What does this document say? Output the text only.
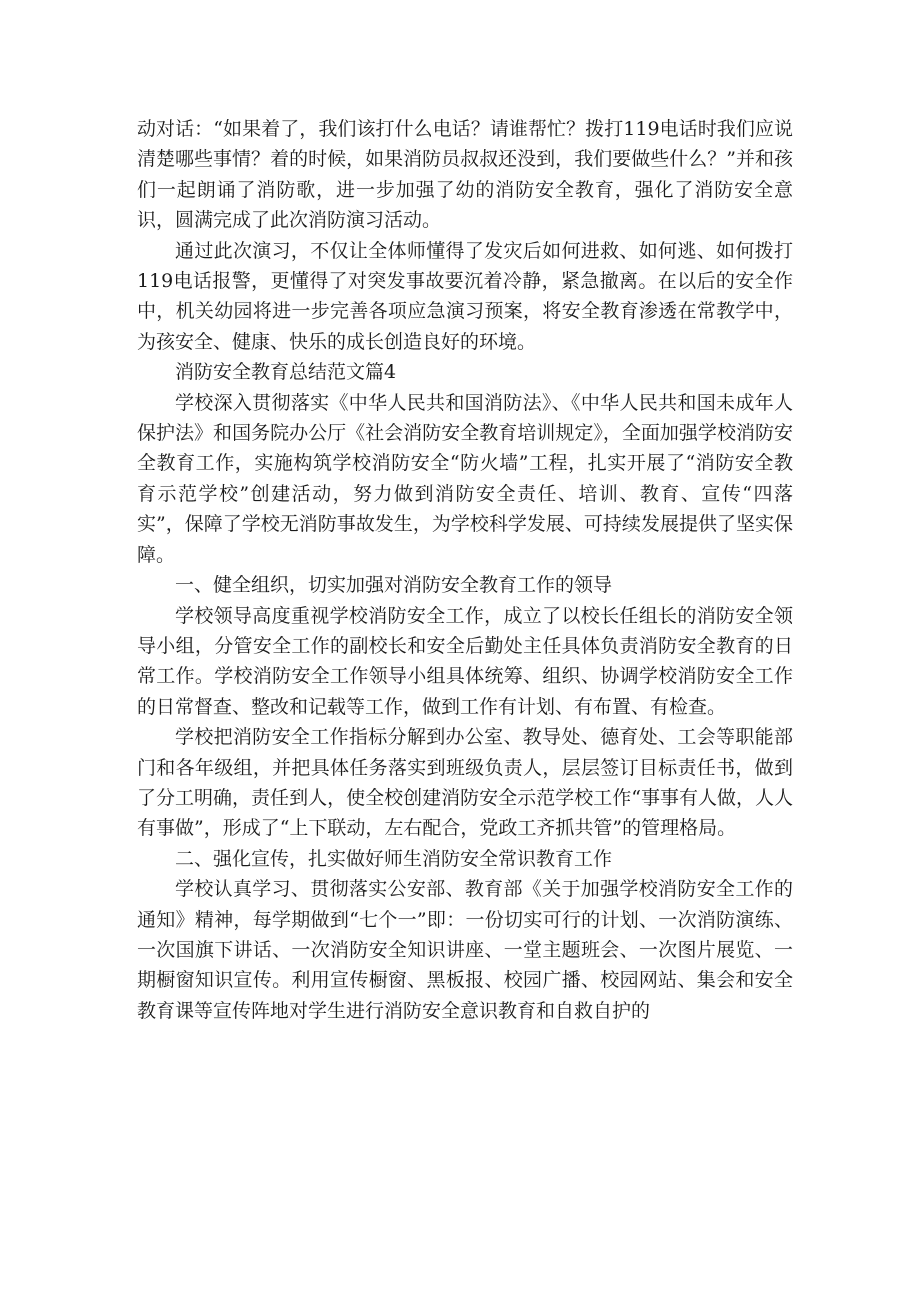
动对话：“如果着了，我们该打什么电话？请谁帮忙？拨打119电话时我们应说清楚哪些事情？着的时候，如果消防员叔叔还没到，我们要做些什么？”并和孩们一起朗诵了消防歌，进一步加强了幼的消防安全教育，强化了消防安全意识，圆满完成了此次消防演习活动。

通过此次演习，不仅让全体师懂得了发灾后如何进救、如何逃、如何拨打119电话报警，更懂得了对突发事故要沉着冷静，紧急撤离。在以后的安全作中，机关幼园将进一步完善各项应急演习预案，将安全教育渗透在常教学中，为孩安全、健康、快乐的成长创造良好的环境。

消防安全教育总结范文篇4

学校深入贯彻落实《中华人民共和国消防法》、《中华人民共和国未成年人保护法》和国务院办公厅《社会消防安全教育培训规定》，全面加强学校消防安全教育工作，实施构筑学校消防安全“防火墙”工程，扎实开展了“消防安全教育示范学校”创建活动，努力做到消防安全责任、培训、教育、宣传“四落实”，保障了学校无消防事故发生，为学校科学发展、可持续发展提供了坚实保障。

一、健全组织，切实加强对消防安全教育工作的领导

学校领导高度重视学校消防安全工作，成立了以校长任组长的消防安全领导小组，分管安全工作的副校长和安全后勤处主任具体负责消防安全教育的日常工作。学校消防安全工作领导小组具体统筹、组织、协调学校消防安全工作的日常督查、整改和记载等工作，做到工作有计划、有布置、有检查。

学校把消防安全工作指标分解到办公室、教导处、德育处、工会等职能部门和各年级组，并把具体任务落实到班级负责人，层层签订目标责任书，做到了分工明确，责任到人，使全校创建消防安全示范学校工作“事事有人做，人人有事做”，形成了“上下联动，左右配合，党政工齐抓共管”的管理格局。

二、强化宣传，扎实做好师生消防安全常识教育工作

学校认真学习、贯彻落实公安部、教育部《关于加强学校消防安全工作的通知》精神，每学期做到“七个一”即：一份切实可行的计划、一次消防演练、一次国旗下讲话、一次消防安全知识讲座、一堂主题班会、一次图片展览、一期橱窗知识宣传。利用宣传橱窗、黑板报、校园广播、校园网站、集会和安全教育课等宣传阵地对学生进行消防安全意识教育和自救自护的
